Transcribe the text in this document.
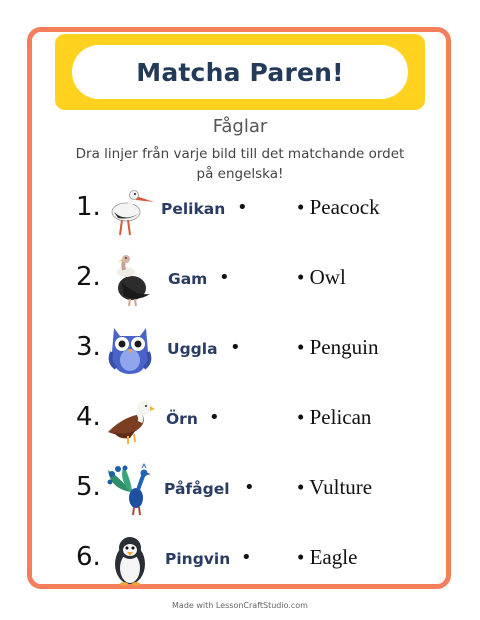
Matcha Paren!
Fåglar
Dra linjer från varje bild till det matchande ordet på engelska!
1.	Pelikan • • Peacock
2.	Gam •	• Owl
3.	Uggla •	• Penguin
4.	Örn •	• Pelican
5.	Påfågel • • Vulture
6.	Pingvin • • Eagle
Made with LessonCraftStudio.com
